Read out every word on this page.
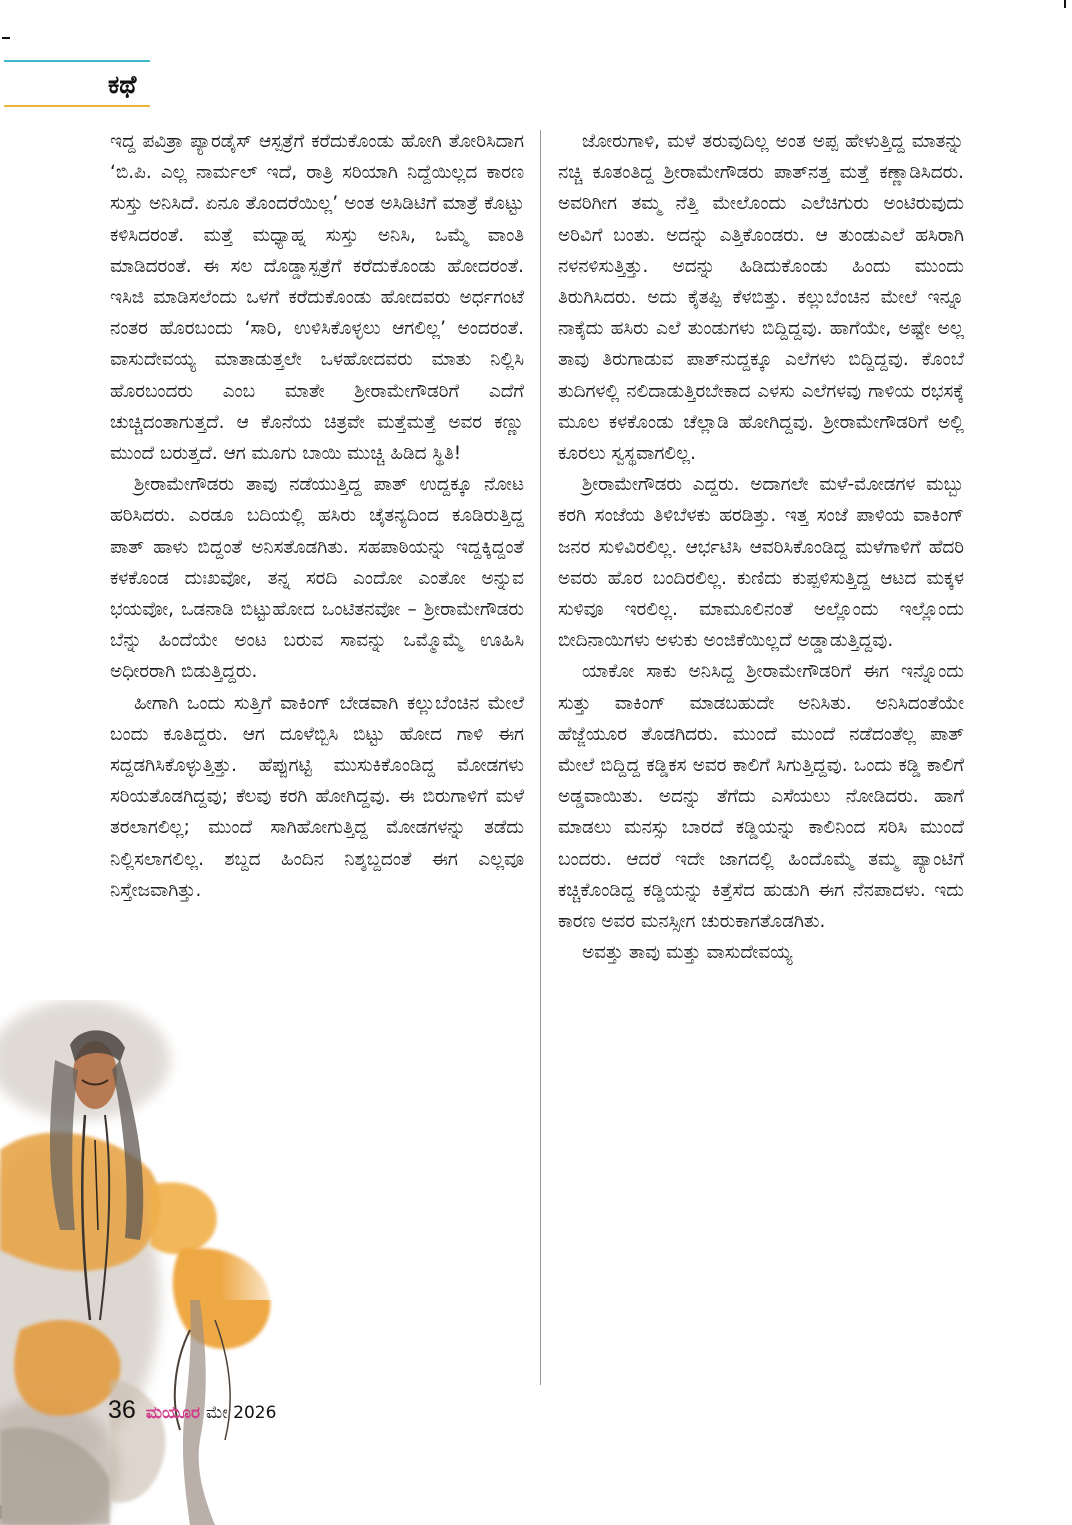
ಕಥೆ

ಇದ್ದ ಪವಿತ್ರಾ ಪ್ಯಾರಡೈಸ್ ಆಸ್ಪತ್ರೆಗೆ ಕರೆದುಕೊಂಡು ಹೋಗಿ ತೋರಿಸಿದಾಗ ‘ಬಿ.ಪಿ. ಎಲ್ಲ ನಾರ್ಮಲ್ ಇದೆ, ರಾತ್ರಿ ಸರಿಯಾಗಿ ನಿದ್ದೆಯಿಲ್ಲದ ಕಾರಣ ಸುಸ್ತು ಅನಿಸಿದೆ. ಏನೂ ತೊಂದರೆಯಿಲ್ಲ’ ಅಂತ ಅಸಿಡಿಟಿಗೆ ಮಾತ್ರೆ ಕೊಟ್ಟು ಕಳಿಸಿದರಂತೆ. ಮತ್ತೆ ಮಧ್ಯಾಹ್ನ ಸುಸ್ತು ಅನಿಸಿ, ಒಮ್ಮೆ ವಾಂತಿ ಮಾಡಿದರಂತೆ. ಈ ಸಲ ದೊಡ್ಡಾಸ್ಪತ್ರೆಗೆ ಕರೆದುಕೊಂಡು ಹೋದರಂತೆ. ಇಸಿಜಿ ಮಾಡಿಸಲೆಂದು ಒಳಗೆ ಕರೆದುಕೊಂಡು ಹೋದವರು ಅರ್ಧಗಂಟೆ ನಂತರ ಹೊರಬಂದು ‘ಸಾರಿ, ಉಳಿಸಿಕೊಳ್ಳಲು ಆಗಲಿಲ್ಲ’ ಅಂದರಂತೆ. ವಾಸುದೇವಯ್ಯ ಮಾತಾಡುತ್ತಲೇ ಒಳಹೋದವರು ಮಾತು ನಿಲ್ಲಿಸಿ ಹೊರಬಂದರು ಎಂಬ ಮಾತೇ ಶ್ರೀರಾಮೇಗೌಡರಿಗೆ ಎದೆಗೆ ಚುಚ್ಚಿದಂತಾಗುತ್ತದೆ. ಆ ಕೊನೆಯ ಚಿತ್ರವೇ ಮತ್ತೆಮತ್ತೆ ಅವರ ಕಣ್ಣು ಮುಂದೆ ಬರುತ್ತದೆ. ಆಗ ಮೂಗು ಬಾಯಿ ಮುಚ್ಚಿ ಹಿಡಿದ ಸ್ಥಿತಿ!

ಶ್ರೀರಾಮೇಗೌಡರು ತಾವು ನಡೆಯುತ್ತಿದ್ದ ಪಾತ್ ಉದ್ದಕ್ಕೂ ನೋಟ ಹರಿಸಿದರು. ಎರಡೂ ಬದಿಯಲ್ಲಿ ಹಸಿರು ಚೈತನ್ಯದಿಂದ ಕೂಡಿರುತ್ತಿದ್ದ ಪಾತ್ ಹಾಳು ಬಿದ್ದಂತೆ ಅನಿಸತೊಡಗಿತು. ಸಹಪಾಠಿಯನ್ನು ಇದ್ದಕ್ಕಿದ್ದಂತೆ ಕಳಕೊಂಡ ದುಃಖವೋ, ತನ್ನ ಸರದಿ ಎಂದೋ ಎಂತೋ ಅನ್ನುವ ಭಯವೋ, ಒಡನಾಡಿ ಬಿಟ್ಟುಹೋದ ಒಂಟಿತನವೋ – ಶ್ರೀರಾಮೇಗೌಡರು ಬೆನ್ನು ಹಿಂದೆಯೇ ಅಂಟ ಬರುವ ಸಾವನ್ನು ಒಮ್ಮೊಮ್ಮೆ ಊಹಿಸಿ ಅಧೀರರಾಗಿ ಬಿಡುತ್ತಿದ್ದರು.

ಹೀಗಾಗಿ ಒಂದು ಸುತ್ತಿಗೆ ವಾಕಿಂಗ್ ಬೇಡವಾಗಿ ಕಲ್ಲುಬೆಂಚಿನ ಮೇಲೆ ಬಂದು ಕೂತಿದ್ದರು. ಆಗ ದೂಳೆಬ್ಬಿಸಿ ಬಿಟ್ಟು ಹೋದ ಗಾಳಿ ಈಗ ಸದ್ದಡಗಿಸಿಕೊಳ್ಳುತ್ತಿತ್ತು. ಹೆಪ್ಪುಗಟ್ಟಿ ಮುಸುಕಿಕೊಂಡಿದ್ದ ಮೋಡಗಳು ಸರಿಯತೊಡಗಿದ್ದವು; ಕೆಲವು ಕರಗಿ ಹೋಗಿದ್ದವು. ಈ ಬಿರುಗಾಳಿಗೆ ಮಳೆ ತರಲಾಗಲಿಲ್ಲ; ಮುಂದೆ ಸಾಗಿಹೋಗುತ್ತಿದ್ದ ಮೋಡಗಳನ್ನು ತಡೆದು ನಿಲ್ಲಿಸಲಾಗಲಿಲ್ಲ. ಶಬ್ದದ ಹಿಂದಿನ ನಿಶ್ಶಬ್ದದಂತೆ ಈಗ ಎಲ್ಲವೂ ನಿಸ್ತೇಜವಾಗಿತ್ತು.

ಜೋರುಗಾಳಿ, ಮಳೆ ತರುವುದಿಲ್ಲ ಅಂತ ಅಪ್ಪ ಹೇಳುತ್ತಿದ್ದ ಮಾತನ್ನು ನಚ್ಚಿ ಕೂತಂತಿದ್ದ ಶ್ರೀರಾಮೇಗೌಡರು ಪಾತ್‌ನತ್ತ ಮತ್ತೆ ಕಣ್ಣಾಡಿಸಿದರು. ಅವರಿಗೀಗ ತಮ್ಮ ನೆತ್ತಿ ಮೇಲೊಂದು ಎಲೆಚಿಗುರು ಅಂಟಿರುವುದು ಅರಿವಿಗೆ ಬಂತು. ಅದನ್ನು ಎತ್ತಿಕೊಂಡರು. ಆ ತುಂಡುಎಲೆ ಹಸಿರಾಗಿ ನಳನಳಿಸುತ್ತಿತ್ತು. ಅದನ್ನು ಹಿಡಿದುಕೊಂಡು ಹಿಂದು ಮುಂದು ತಿರುಗಿಸಿದರು. ಅದು ಕೈತಪ್ಪಿ ಕೆಳಬಿತ್ತು. ಕಲ್ಲುಬೆಂಚಿನ ಮೇಲೆ ಇನ್ನೂ ನಾಕೈದು ಹಸಿರು ಎಲೆ ತುಂಡುಗಳು ಬಿದ್ದಿದ್ದವು. ಹಾಗೆಯೇ, ಅಷ್ಟೇ ಅಲ್ಲ ತಾವು ತಿರುಗಾಡುವ ಪಾತ್‌ನುದ್ದಕ್ಕೂ ಎಲೆಗಳು ಬಿದ್ದಿದ್ದವು. ಕೊಂಬೆ ತುದಿಗಳಲ್ಲಿ ನಲಿದಾಡುತ್ತಿರಬೇಕಾದ ಎಳಸು ಎಲೆಗಳವು ಗಾಳಿಯ ರಭಸಕ್ಕೆ ಮೂಲ ಕಳಕೊಂಡು ಚೆಲ್ಲಾಡಿ ಹೋಗಿದ್ದವು. ಶ್ರೀರಾಮೇಗೌಡರಿಗೆ ಅಲ್ಲಿ ಕೂರಲು ಸ್ವಸ್ಥವಾಗಲಿಲ್ಲ.

ಶ್ರೀರಾಮೇಗೌಡರು ಎದ್ದರು. ಅದಾಗಲೇ ಮಳೆ-ಮೋಡಗಳ ಮಬ್ಬು ಕರಗಿ ಸಂಜೆಯ ತಿಳಿಬೆಳಕು ಹರಡಿತ್ತು. ಇತ್ತ ಸಂಜೆ ಪಾಳಿಯ ವಾಕಿಂಗ್ ಜನರ ಸುಳಿವಿರಲಿಲ್ಲ. ಆರ್ಭಟಿಸಿ ಆವರಿಸಿಕೊಂಡಿದ್ದ ಮಳೆಗಾಳಿಗೆ ಹೆದರಿ ಅವರು ಹೊರ ಬಂದಿರಲಿಲ್ಲ. ಕುಣಿದು ಕುಪ್ಪಳಿಸುತ್ತಿದ್ದ ಆಟದ ಮಕ್ಕಳ ಸುಳಿವೂ ಇರಲಿಲ್ಲ. ಮಾಮೂಲಿನಂತೆ ಅಲ್ಲೊಂದು ಇಲ್ಲೊಂದು ಬೀದಿನಾಯಿಗಳು ಅಳುಕು ಅಂಜಿಕೆಯಿಲ್ಲದೆ ಅಡ್ಡಾಡುತ್ತಿದ್ದವು.

ಯಾಕೋ ಸಾಕು ಅನಿಸಿದ್ದ ಶ್ರೀರಾಮೇಗೌಡರಿಗೆ ಈಗ ಇನ್ನೊಂದು ಸುತ್ತು ವಾಕಿಂಗ್ ಮಾಡಬಹುದೇ ಅನಿಸಿತು. ಅನಿಸಿದಂತೆಯೇ ಹೆಜ್ಜೆಯೂರ ತೊಡಗಿದರು. ಮುಂದೆ ಮುಂದೆ ನಡೆದಂತೆಲ್ಲ ಪಾತ್ ಮೇಲೆ ಬಿದ್ದಿದ್ದ ಕಡ್ಡಿಕಸ ಅವರ ಕಾಲಿಗೆ ಸಿಗುತ್ತಿದ್ದವು. ಒಂದು ಕಡ್ಡಿ ಕಾಲಿಗೆ ಅಡ್ಡವಾಯಿತು. ಅದನ್ನು ತೆಗೆದು ಎಸೆಯಲು ನೋಡಿದರು. ಹಾಗೆ ಮಾಡಲು ಮನಸ್ಸು ಬಾರದೆ ಕಡ್ಡಿಯನ್ನು ಕಾಲಿನಿಂದ ಸರಿಸಿ ಮುಂದೆ ಬಂದರು. ಆದರೆ ಇದೇ ಜಾಗದಲ್ಲಿ ಹಿಂದೊಮ್ಮೆ ತಮ್ಮ ಪ್ಯಾಂಟಿಗೆ ಕಚ್ಚಿಕೊಂಡಿದ್ದ ಕಡ್ಡಿಯನ್ನು ಕಿತ್ತೆಸೆದ ಹುಡುಗಿ ಈಗ ನೆನಪಾದಳು. ಇದು ಕಾರಣ ಅವರ ಮನಸ್ಸೀಗ ಚುರುಕಾಗತೊಡಗಿತು.

ಅವತ್ತು ತಾವು ಮತ್ತು ವಾಸುದೇವಯ್ಯ

36 ಮಯೂರ ಮೇ 2026
